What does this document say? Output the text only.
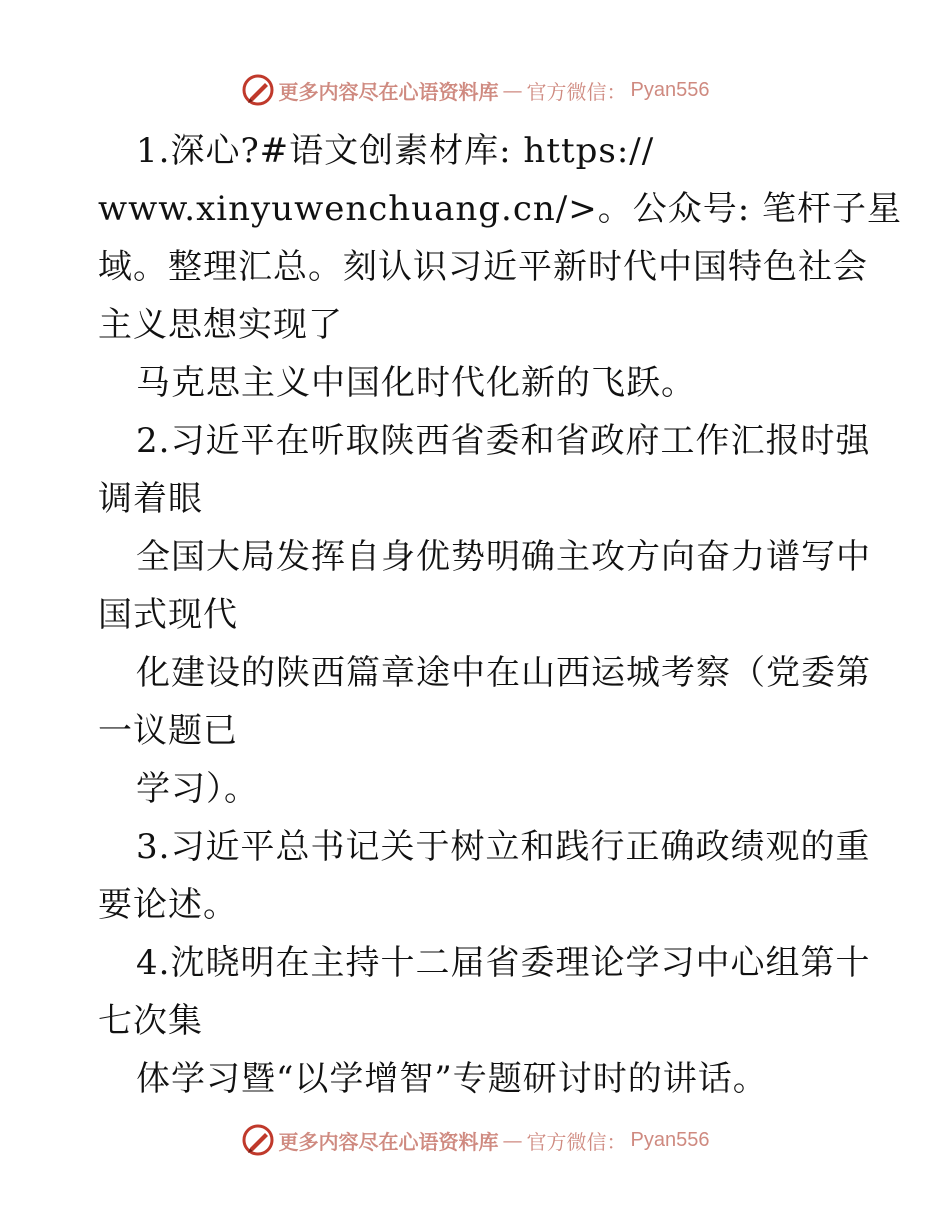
更多内容尽在心语资料库 — 官方微信： Pyan556
1.深心?#语文创素材库: https://
www.xinyuwenchuang.cn/>。公众号: 笔杆子星
域。整理汇总。刻认识习近平新时代中国特色社会
主义思想实现了
马克思主义中国化时代化新的飞跃。
2.习近平在听取陕西省委和省政府工作汇报时强
调着眼
全国大局发挥自身优势明确主攻方向奋力谱写中
国式现代
化建设的陕西篇章途中在山西运城考察（党委第
一议题已
学习）。
3.习近平总书记关于树立和践行正确政绩观的重
要论述。
4.沈晓明在主持十二届省委理论学习中心组第十
七次集
体学习暨“以学增智”专题研讨时的讲话。
更多内容尽在心语资料库 — 官方微信： Pyan556
